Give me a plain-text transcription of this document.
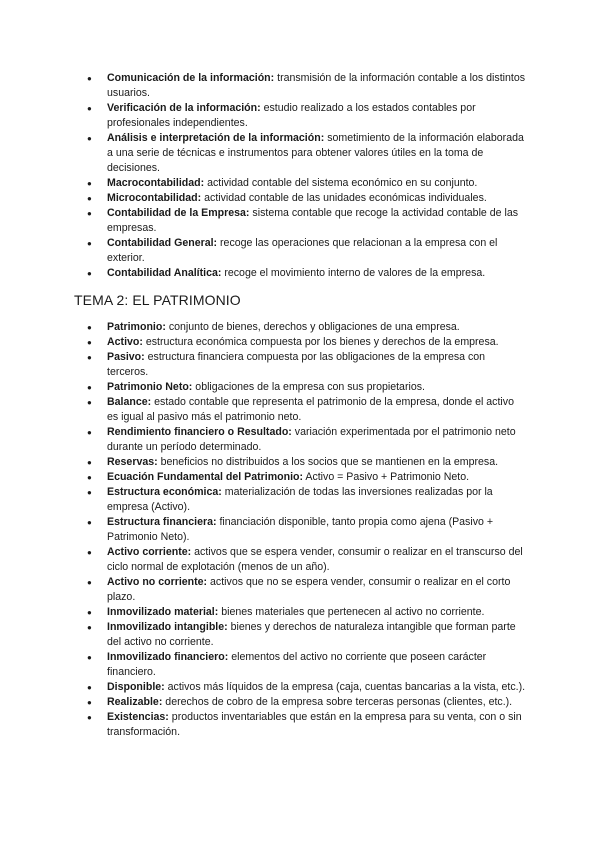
● Comunicación de la información: transmisión de la información contable a los distintos usuarios.
● Verificación de la información: estudio realizado a los estados contables por profesionales independientes.
● Análisis e interpretación de la información: sometimiento de la información elaborada a una serie de técnicas e instrumentos para obtener valores útiles en la toma de decisiones.
● Macrocontabilidad: actividad contable del sistema económico en su conjunto.
● Microcontabilidad: actividad contable de las unidades económicas individuales.
● Contabilidad de la Empresa: sistema contable que recoge la actividad contable de las empresas.
● Contabilidad General: recoge las operaciones que relacionan a la empresa con el exterior.
● Contabilidad Analítica: recoge el movimiento interno de valores de la empresa.
TEMA 2: EL PATRIMONIO
● Patrimonio: conjunto de bienes, derechos y obligaciones de una empresa.
● Activo: estructura económica compuesta por los bienes y derechos de la empresa.
● Pasivo: estructura financiera compuesta por las obligaciones de la empresa con terceros.
● Patrimonio Neto: obligaciones de la empresa con sus propietarios.
● Balance: estado contable que representa el patrimonio de la empresa, donde el activo es igual al pasivo más el patrimonio neto.
● Rendimiento financiero o Resultado: variación experimentada por el patrimonio neto durante un período determinado.
● Reservas: beneficios no distribuidos a los socios que se mantienen en la empresa.
● Ecuación Fundamental del Patrimonio: Activo = Pasivo + Patrimonio Neto.
● Estructura económica: materialización de todas las inversiones realizadas por la empresa (Activo).
● Estructura financiera: financiación disponible, tanto propia como ajena (Pasivo + Patrimonio Neto).
● Activo corriente: activos que se espera vender, consumir o realizar en el transcurso del ciclo normal de explotación (menos de un año).
● Activo no corriente: activos que no se espera vender, consumir o realizar en el corto plazo.
● Inmovilizado material: bienes materiales que pertenecen al activo no corriente.
● Inmovilizado intangible: bienes y derechos de naturaleza intangible que forman parte del activo no corriente.
● Inmovilizado financiero: elementos del activo no corriente que poseen carácter financiero.
● Disponible: activos más líquidos de la empresa (caja, cuentas bancarias a la vista, etc.).
● Realizable: derechos de cobro de la empresa sobre terceras personas (clientes, etc.).
● Existencias: productos inventariables que están en la empresa para su venta, con o sin transformación.
